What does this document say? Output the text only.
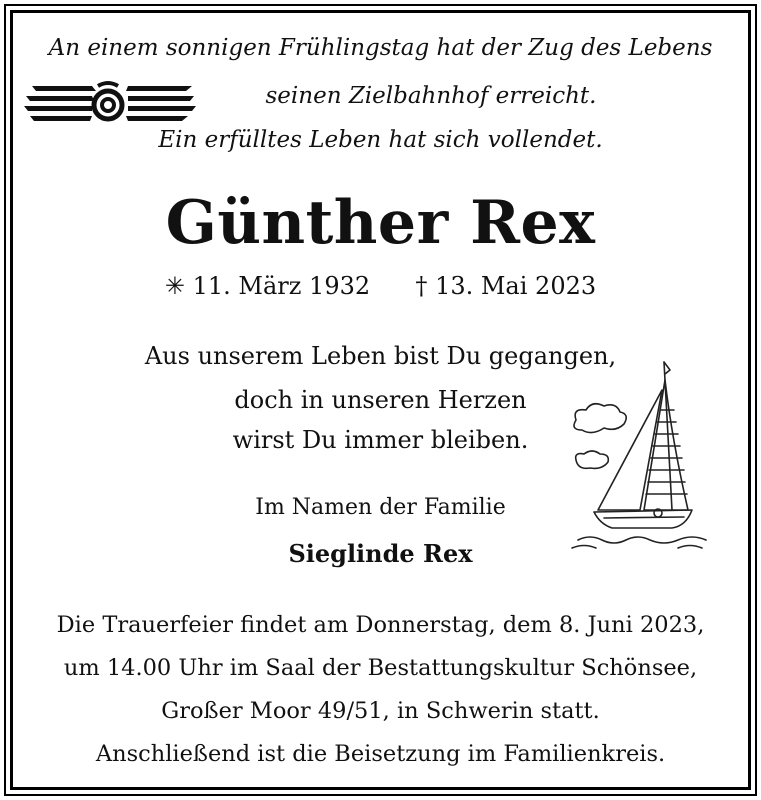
An einem sonnigen Frühlingstag hat der Zug des Lebens
seinen Zielbahnhof erreicht.
Ein erfülltes Leben hat sich vollendet.
Günther Rex
✳ 11. März 1932 † 13. Mai 2023
Aus unserem Leben bist Du gegangen,
doch in unseren Herzen
wirst Du immer bleiben.
Im Namen der Familie
Sieglinde Rex
Die Trauerfeier findet am Donnerstag, dem 8. Juni 2023,
um 14.00 Uhr im Saal der Bestattungskultur Schönsee,
Großer Moor 49/51, in Schwerin statt.
Anschließend ist die Beisetzung im Familienkreis.
